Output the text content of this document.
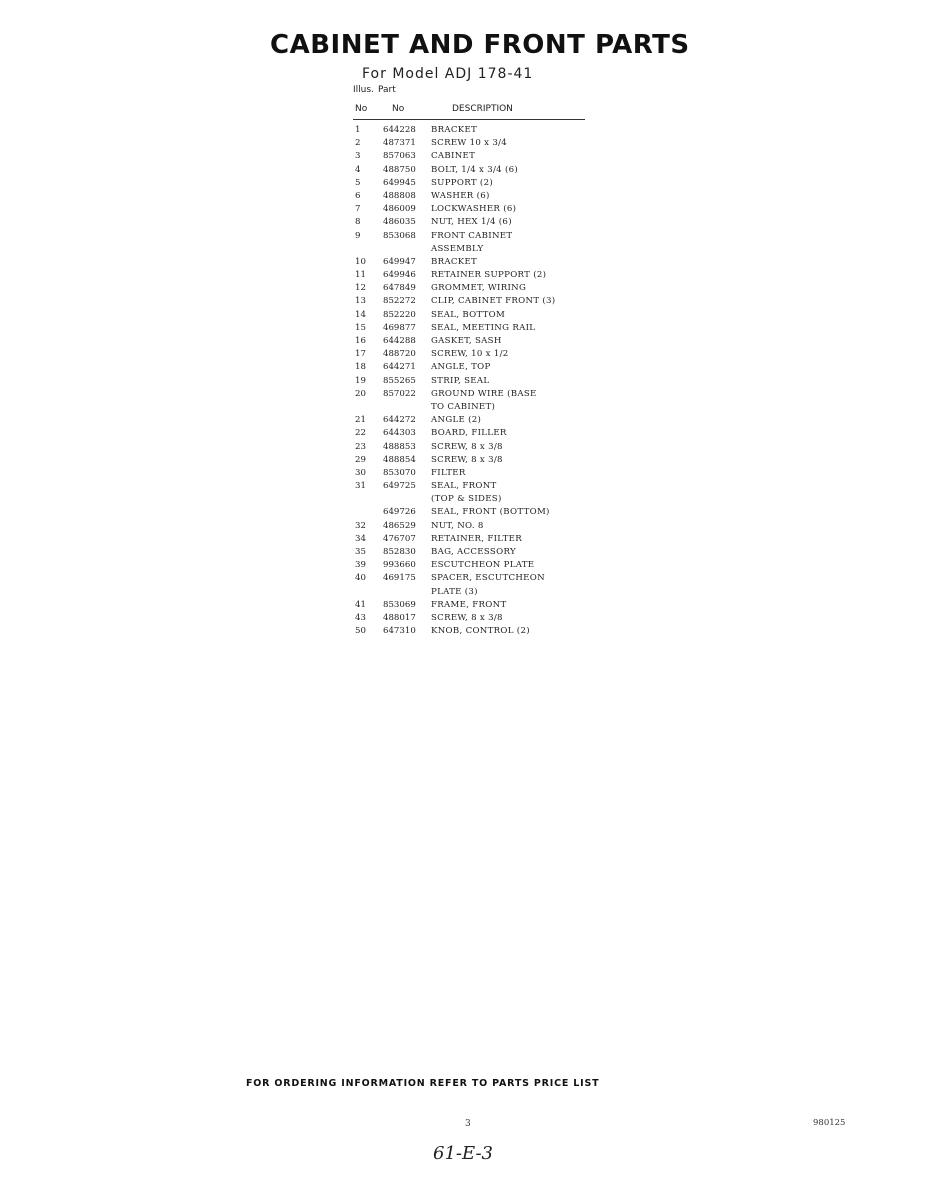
CABINET AND FRONT PARTS
For Model ADJ 178-41
Illus. Part
No	No	DESCRIPTION
1	644228	BRACKET
2	487371	SCREW 10 x 3/4
3	857063	CABINET
4	488750	BOLT, 1/4 x 3/4 (6)
5	649945	SUPPORT (2)
6	488808	WASHER (6)
7	486009	LOCKWASHER (6)
8	486035	NUT, HEX 1/4 (6)
9	853068	FRONT CABINET
ASSEMBLY
10	649947	BRACKET
11	649946	RETAINER SUPPORT (2)
12	647849	GROMMET, WIRING
13	852272	CLIP, CABINET FRONT (3)
14	852220	SEAL, BOTTOM
15	469877	SEAL, MEETING RAIL
16	644288	GASKET, SASH
17	488720	SCREW, 10 x 1/2
18	644271	ANGLE, TOP
19	855265	STRIP, SEAL
20	857022	GROUND WIRE (BASE
TO CABINET)
21	644272	ANGLE (2)
22	644303	BOARD, FILLER
23	488853	SCREW, 8 x 3/8
29	488854	SCREW, 8 x 3/8
30	853070	FILTER
31	649725	SEAL, FRONT
(TOP & SIDES)
649726	SEAL, FRONT (BOTTOM)
32	486529	NUT, NO. 8
34	476707	RETAINER, FILTER
35	852830	BAG, ACCESSORY
39	993660	ESCUTCHEON PLATE
40	469175	SPACER, ESCUTCHEON
PLATE (3)
41	853069	FRAME, FRONT
43	488017	SCREW, 8 x 3/8
50	647310	KNOB, CONTROL (2)
FOR ORDERING INFORMATION REFER TO PARTS PRICE LIST
3	980125
61-E-3
